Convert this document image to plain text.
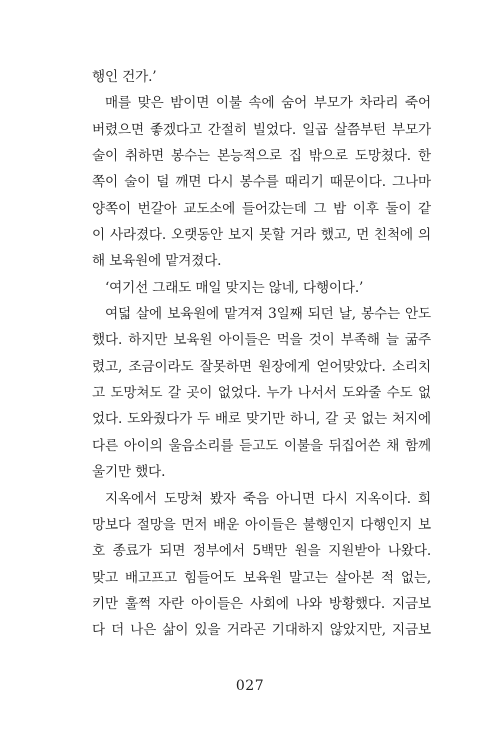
행인 건가.’
매를 맞은 밤이면 이불 속에 숨어 부모가 차라리 죽어
버렸으면 좋겠다고 간절히 빌었다. 일곱 살쯤부턴 부모가
술이 취하면 봉수는 본능적으로 집 밖으로 도망쳤다. 한
쪽이 술이 덜 깨면 다시 봉수를 때리기 때문이다. 그나마
양쪽이 번갈아 교도소에 들어갔는데 그 밤 이후 둘이 같
이 사라졌다. 오랫동안 보지 못할 거라 했고, 먼 친척에 의
해 보육원에 맡겨졌다.
‘여기선 그래도 매일 맞지는 않네, 다행이다.’
여덟 살에 보육원에 맡겨져 3일째 되던 날, 봉수는 안도
했다. 하지만 보육원 아이들은 먹을 것이 부족해 늘 굶주
렸고, 조금이라도 잘못하면 원장에게 얻어맞았다. 소리치
고 도망쳐도 갈 곳이 없었다. 누가 나서서 도와줄 수도 없
었다. 도와줬다가 두 배로 맞기만 하니, 갈 곳 없는 처지에
다른 아이의 울음소리를 듣고도 이불을 뒤집어쓴 채 함께
울기만 했다.
지옥에서 도망쳐 봤자 죽음 아니면 다시 지옥이다. 희
망보다 절망을 먼저 배운 아이들은 불행인지 다행인지 보
호 종료가 되면 정부에서 5백만 원을 지원받아 나왔다.
맞고 배고프고 힘들어도 보육원 말고는 살아본 적 없는,
키만 훌쩍 자란 아이들은 사회에 나와 방황했다. 지금보
다 더 나은 삶이 있을 거라곤 기대하지 않았지만, 지금보
027
